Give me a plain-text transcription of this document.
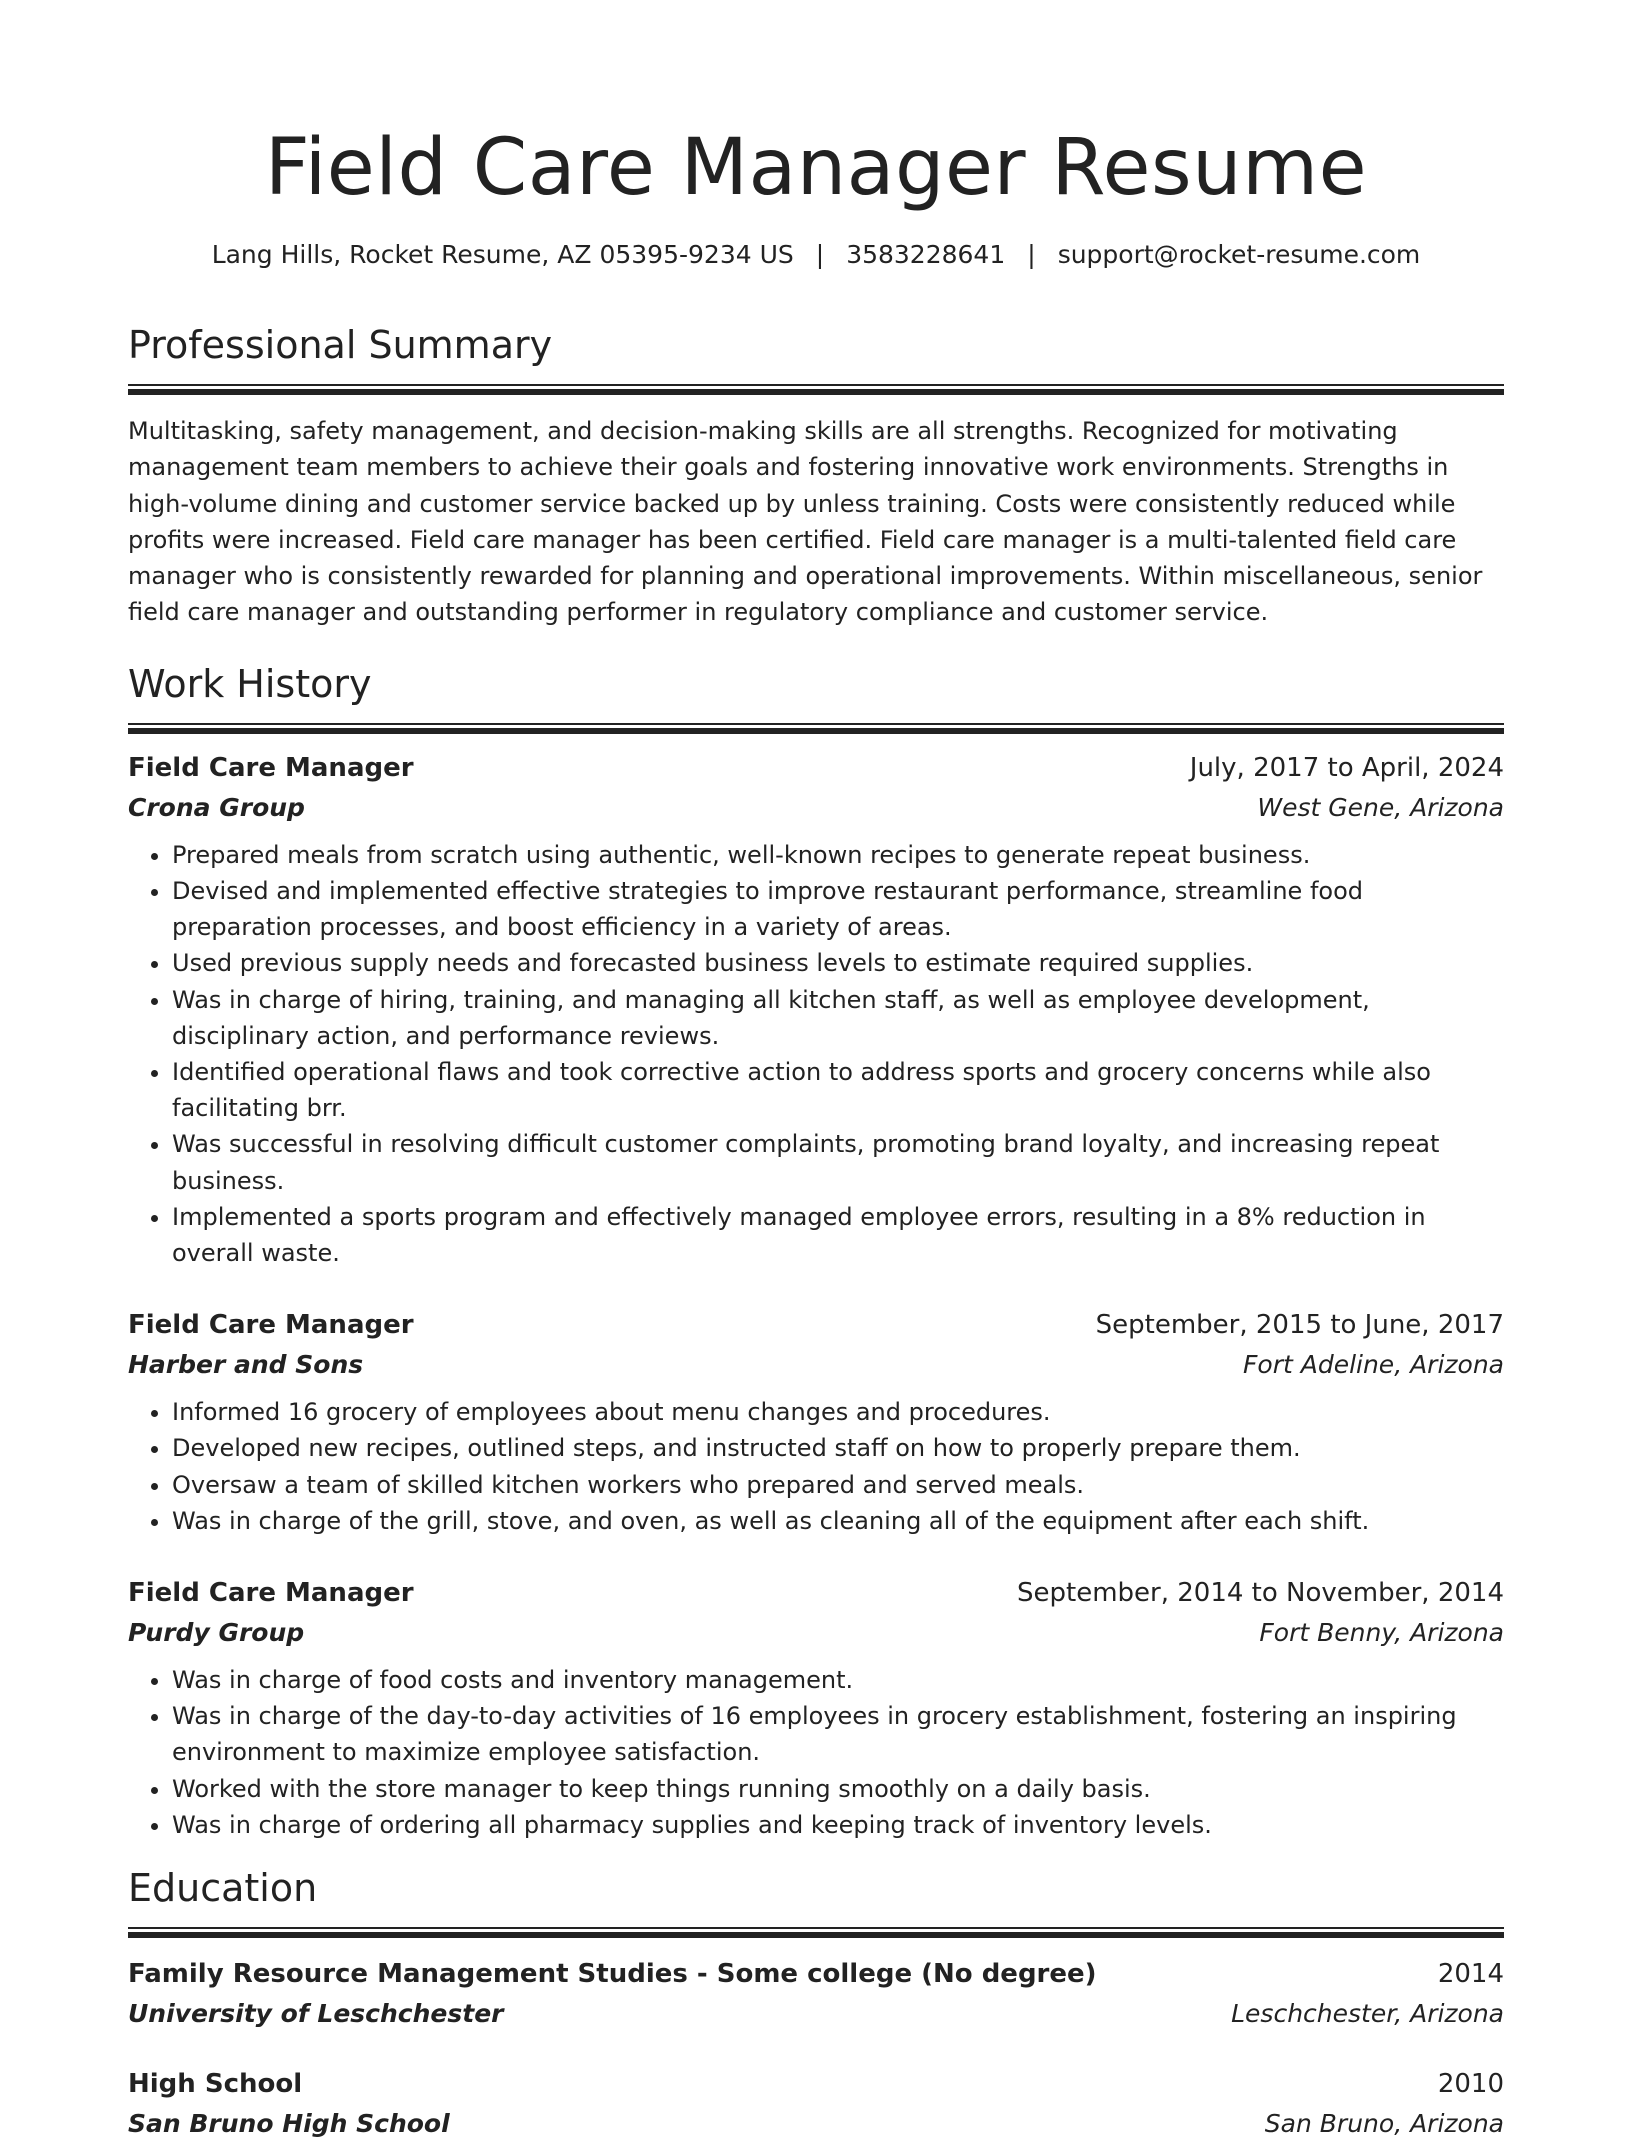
Field Care Manager Resume
Lang Hills, Rocket Resume, AZ 05395-9234 US | 3583228641 | support@rocket-resume.com
Professional Summary

Multitasking, safety management, and decision-making skills are all strengths. Recognized for motivating management team members to achieve their goals and fostering innovative work environments. Strengths in high-volume dining and customer service backed up by unless training. Costs were consistently reduced while profits were increased. Field care manager has been certified. Field care manager is a multi-talented field care manager who is consistently rewarded for planning and operational improvements. Within miscellaneous, senior field care manager and outstanding performer in regulatory compliance and customer service.

Work History
Field Care Manager	July, 2017 to April, 2024
Crona Group	West Gene, Arizona
• Prepared meals from scratch using authentic, well-known recipes to generate repeat business.
• Devised and implemented effective strategies to improve restaurant performance, streamline food preparation processes, and boost efficiency in a variety of areas.
• Used previous supply needs and forecasted business levels to estimate required supplies.
• Was in charge of hiring, training, and managing all kitchen staff, as well as employee development, disciplinary action, and performance reviews.
• Identified operational flaws and took corrective action to address sports and grocery concerns while also facilitating brr.
• Was successful in resolving difficult customer complaints, promoting brand loyalty, and increasing repeat business.
• Implemented a sports program and effectively managed employee errors, resulting in a 8% reduction in overall waste.
Field Care Manager	September, 2015 to June, 2017
Harber and Sons	Fort Adeline, Arizona
• Informed 16 grocery of employees about menu changes and procedures.
• Developed new recipes, outlined steps, and instructed staff on how to properly prepare them.
• Oversaw a team of skilled kitchen workers who prepared and served meals.
• Was in charge of the grill, stove, and oven, as well as cleaning all of the equipment after each shift.
Field Care Manager	September, 2014 to November, 2014
Purdy Group	Fort Benny, Arizona
• Was in charge of food costs and inventory management.
• Was in charge of the day-to-day activities of 16 employees in grocery establishment, fostering an inspiring environment to maximize employee satisfaction.
• Worked with the store manager to keep things running smoothly on a daily basis.
• Was in charge of ordering all pharmacy supplies and keeping track of inventory levels.
Education
Family Resource Management Studies - Some college (No degree)	2014
University of Leschchester	Leschchester, Arizona
High School	2010
San Bruno High School	San Bruno, Arizona
